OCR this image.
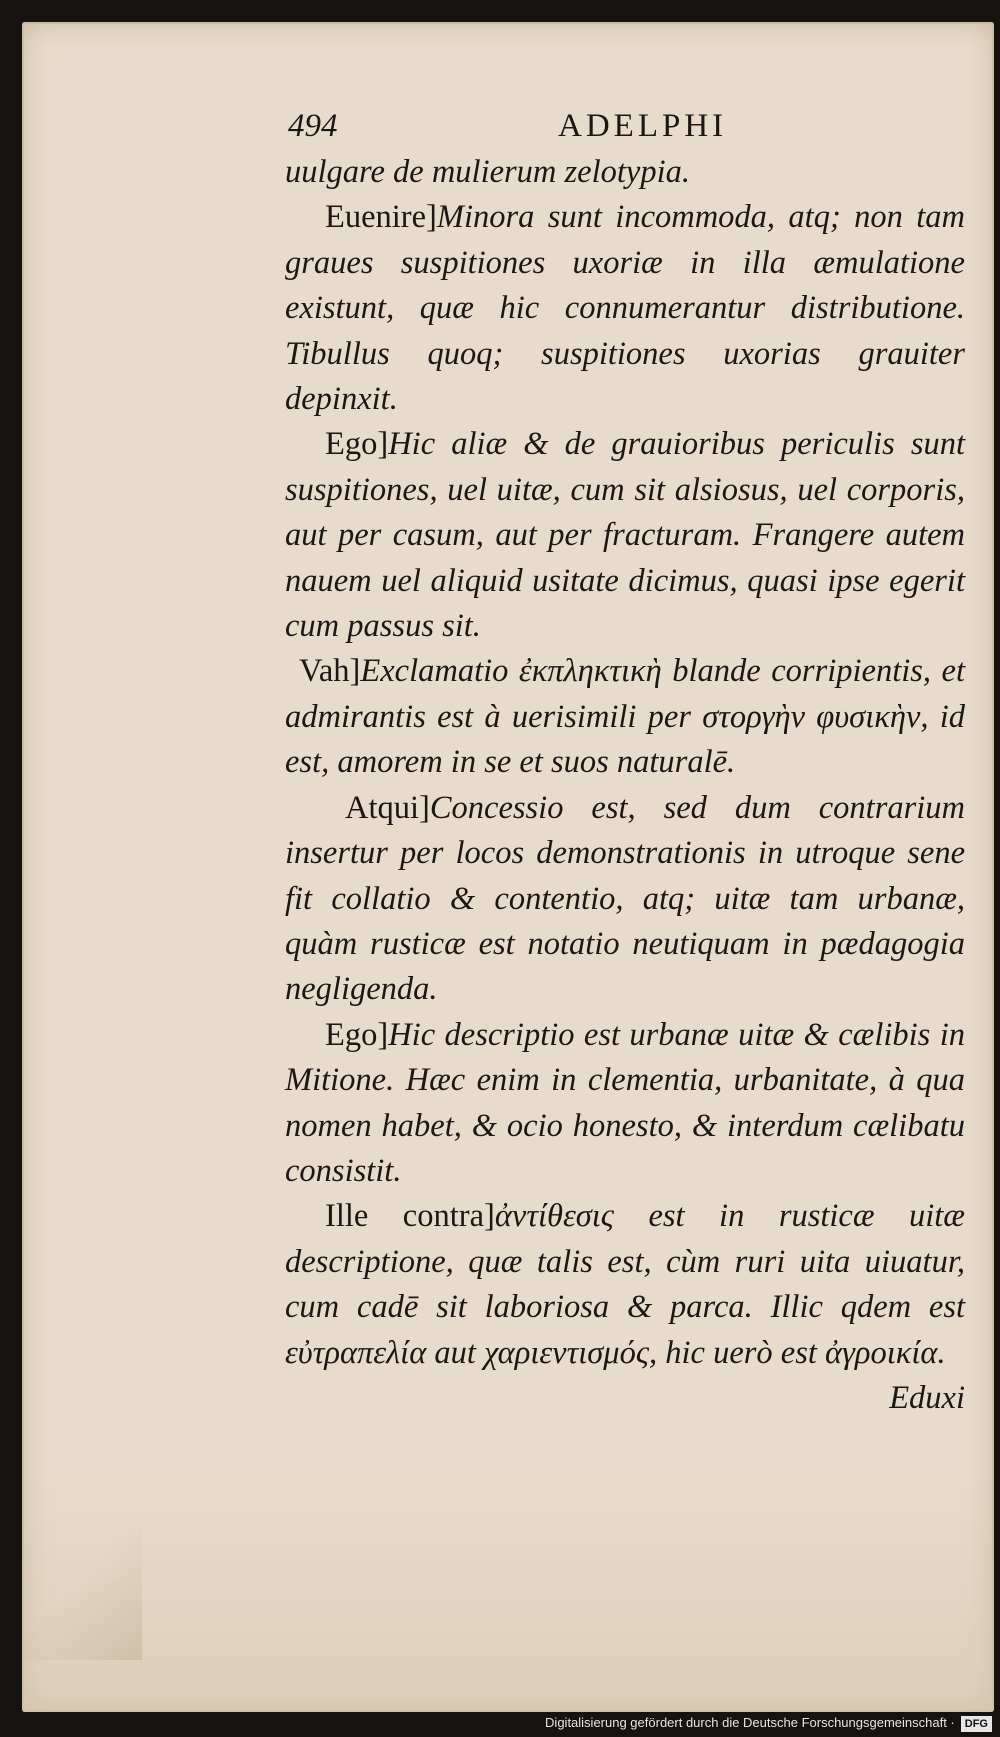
494	ADELPHI

uulgare de mulierum zelotypia.

Euenire]Minora sunt incommoda, atq; non tam graues suspitiones uxoriæ in illa æmulatione existunt, quæ hic connumerantur distributione. Tibullus quoq; suspitiones uxorias grauiter depinxit.

Ego]Hic aliæ & de grauioribus periculis sunt suspitiones, uel uitæ, cum sit alsiosus, uel corporis, aut per casum, aut per fracturam. Frangere autem nauem uel aliquid usitate dicimus, quasi ipse egerit cum passus sit.

Vah]Exclamatio ἐκπληκτικὴ blande corripientis, et admirantis est à uerisimili per στοργὴν φυσικὴν, id est, amorem in se et suos naturalē.

Atqui]Concessio est, sed dum contrarium insertur per locos demonstrationis in utroque sene fit collatio & contentio, atq; uitæ tam urbanæ, quàm rusticæ est notatio neutiquam in pædagogia negligenda.

Ego]Hic descriptio est urbanæ uitæ & cælibis in Mitione. Hæc enim in clementia, urbanitate, à qua nomen habet, & ocio honesto, & interdum cælibatu consistit.

Ille contra]ἀντίθεσις est in rusticæ uitæ descriptione, quæ talis est, cùm ruri uita uiuatur, cum cadē sit laboriosa & parca. Illic qdem est εὐτραπελία aut χαριεντισμός, hic uerò est ἀγροικία.
Eduxi

Digitalisierung gefördert durch die Deutsche Forschungsgemeinschaft · DFG
